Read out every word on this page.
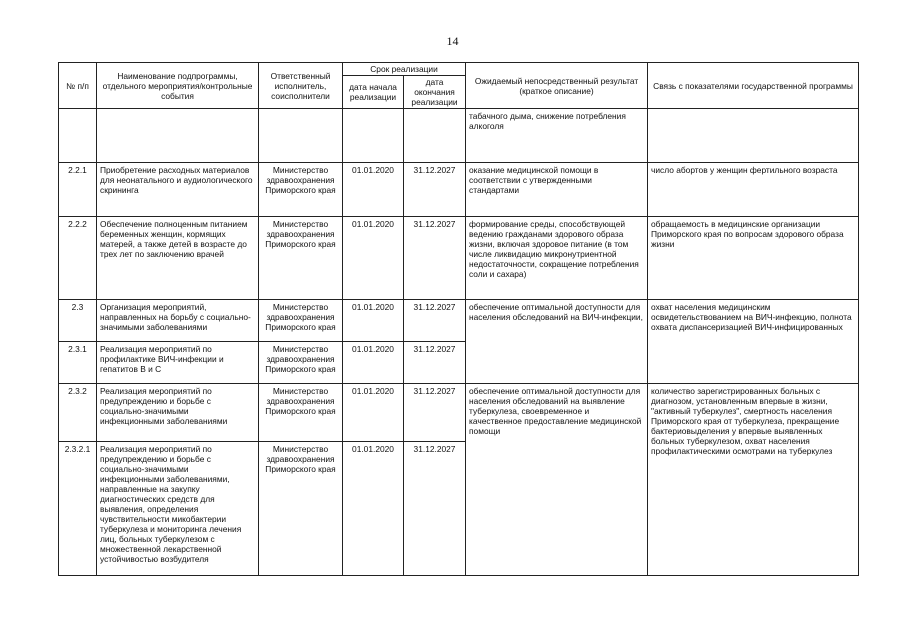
14
№ п/п	Наименование подпрограммы, отдельного мероприятия/контрольные события	Ответственный исполнитель, соисполнители	Срок реализации		Ожидаемый непосредственный результат (краткое описание)	Связь с показателями государственной программы
			дата начала реализации	дата окончания реализации		
					табачного дыма, снижение потребления алкоголя	
2.2.1	Приобретение расходных материалов для неонатального и аудиологического скрининга	Министерство здравоохранения Приморского края	01.01.2020	31.12.2027	оказание медицинской помощи в соответствии с утвержденными стандартами	число абортов у женщин фертильного возраста
2.2.2	Обеспечение полноценным питанием беременных женщин, кормящих матерей, а также детей в возрасте до трех лет по заключению врачей	Министерство здравоохранения Приморского края	01.01.2020	31.12.2027	формирование среды, способствующей ведению гражданами здорового образа жизни, включая здоровое питание (в том числе ликвидацию микронутриентной недостаточности, сокращение потребления соли и сахара)	обращаемость в медицинские организации Приморского края по вопросам здорового образа жизни
2.3	Организация мероприятий, направленных на борьбу с социально-значимыми заболеваниями	Министерство здравоохранения Приморского края	01.01.2020	31.12.2027	обеспечение оптимальной доступности для населения обследований на ВИЧ-инфекции,	охват населения медицинским освидетельствованием на ВИЧ-инфекцию, полнота охвата диспансеризацией ВИЧ-инфицированных
2.3.1	Реализация мероприятий по профилактике ВИЧ-инфекции и гепатитов В и С	Министерство здравоохранения Приморского края	01.01.2020	31.12.2027		
2.3.2	Реализация мероприятий по предупреждению и борьбе с социально-значимыми инфекционными заболеваниями	Министерство здравоохранения Приморского края	01.01.2020	31.12.2027	обеспечение оптимальной доступности для населения обследований на выявление туберкулеза, своевременное и качественное предоставление медицинской помощи	количество зарегистрированных больных с диагнозом, установленным впервые в жизни, "активный туберкулез", смертность населения Приморского края от туберкулеза, прекращение бактериовыделения у впервые выявленных больных туберкулезом, охват населения профилактическими осмотрами на туберкулез
2.3.2.1	Реализация мероприятий по предупреждению и борьбе с социально-значимыми инфекционными заболеваниями, направленные на закупку диагностических средств для выявления, определения чувствительности микобактерии туберкулеза и мониторинга лечения лиц, больных туберкулезом с множественной лекарственной устойчивостью возбудителя	Министерство здравоохранения Приморского края	01.01.2020	31.12.2027		
